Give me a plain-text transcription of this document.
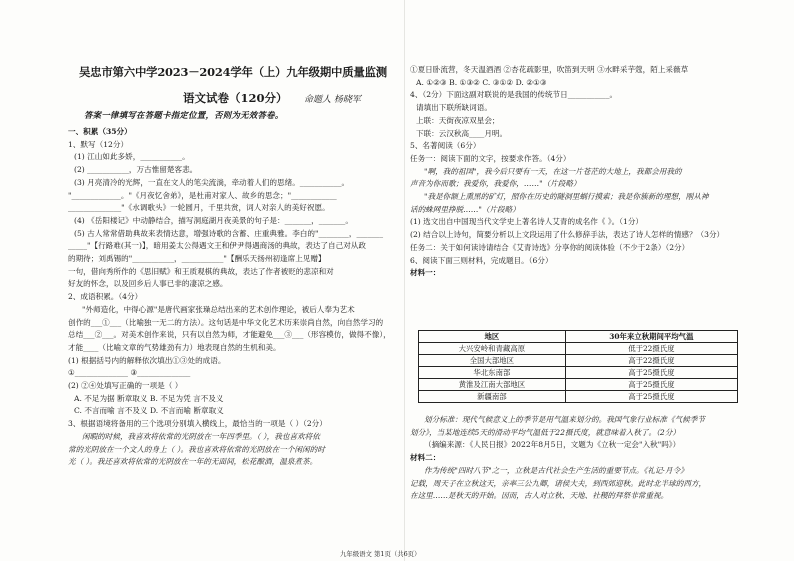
吴忠市第六中学2023－2024学年（上）九年级期中质量监测
语文试卷（120分） 命题人 杨晓军
答案一律填写在答题卡指定位置，否则为无效答卷。
一、积累（35分）
1、默写（12分）
(1) 江山如此多娇，___________。
(2) ___________，万古惟留楚客悲。
(3) 月亮清冷的光辉，一直在文人的笔尖流淌，牵动着人们的思绪。___________。
"_____________。"《月夜忆舍弟》，是杜甫对家人、故乡的思念；"____________
______________"《水调歌头》一轮圆月，千里共赏，词人对亲人的美好祝愿。
(4) 《岳阳楼记》中动静结合，描写洞庭湖月夜美景的句子是：_______，_______。
(5) 古人常常借助典故来表情达意，增强诗歌的含蓄、庄重典雅。李白的"________，_______
_____"【行路难(其一)】，暗用姜太公得遇文王和伊尹得遇商汤的典故，表达了自己对从政
的期待；刘禹锡的"___________，___________"【酬乐天扬州初逢席上见赠】
一句，借向秀所作的《思旧赋》和王质观棋的典故，表达了作者被贬的悲凉和对
好友的怀念，以及回乡后人事已非的凄凉之感。
2、成语积累。（4分）
"外师造化，中得心源"是唐代画家张璪总结出来的艺术创作理论，被后人奉为艺术
创作的___①___（比喻独一无二的方法）。这句话是中华文化艺术历来崇尚自然，向自然学习的
总结___②___。对美术创作来说，只有以自然为师，才能避免___③___（形容模仿，做得不像），
才能____（比喻文章的气势雄劲有力）地表现自然的生机和美。
(1) 根据括号内的解释依次填出①③处的成语。
①______________ ③______________
(2) ②④处填写正确的一项是（ ）
A. 不足为据 断章取义 B. 不足为凭 言不及义
C. 不言而喻 言不及义 D. 不言而喻 断章取义
3、根据语境将备用的三个选项分别填入横线上，最恰当的一项是（ ）（2分）
闲暇的时候，我喜欢将依常的光阴放在一年四季里。（ ），我也喜欢将依
常的光阴放在一个文人的身上（ ）。我也喜欢将依常的光阴放在一个闲闲的时
光（ ）。我还喜欢将依常的光阴放在一年的无面间，松花酿酒，温泉煮茶。
①夏日卧流营，冬天温酒酒 ②杏花疏影里，吹笛到天明 ③水畔采芋蔻，陌上采薇草
A. ①②③ B. ①③② C. ③①② D. ②①③
4、（2分）下面这副对联说的是我国的传统节日___________。
请填出下联所缺词语。
上联：天街夜凉双星会；
下联：云汉秋高____月明。
5、名著阅读（6分）
任务一：阅读下面的文字，按要求作答。（4分）
"啊，我的祖国"，我今后只要有一天，在这一片苍茫的大地上，我都会用我的
声音为你而歌；我爱你，我爱你，……"（片段略）
"我是你额上熏黑的矿灯，照你在历史的隧洞里蜗行摸索；我是你簇新的理想，刚从神
话的蛛网里挣脱……"（片段略）
(1) 选文出自中国现当代文学史上著名诗人艾青的成名作《 》。（1分）
(2) 结合以上诗句，简要分析以上文段运用了什么修辞手法，表达了诗人怎样的情感？（3分）
任务二：关于如何读诗请结合《艾青诗选》分享你的阅读体验（不少于2条）（2分）
6、阅读下面三则材料，完成题目。（6分）
材料一：
地区	30年来立秋期间平均气温
大兴安岭和青藏高原	低于22摄氏度
全国大部地区	高于22摄氏度
华北东南部	高于25摄氏度
黄淮及江南大部地区	高于25摄氏度
新疆南部	高于25摄氏度
划分标准：现代气候意义上的季节是用气温来划分的。我国气象行业标准《气候季节
划分》，当某地连续5天的滑动平均气温低于22摄氏度，就意味着入秋了。（2分）
（摘编来源：《人民日报》2022年8月5日，文题为《立秋一定会"入秋"吗》）
材料二：
作为传统"四时八节"之一，立秋是古代社会生产生活的重要节点。《礼记·月令》
记载，周天子在立秋这天，亲率三公九卿，诸侯大夫，到西郊迎秋。此时北半球的西方，
在这里……是秋天的开始。因而，古人对立秋、天地、社稷的拜祭非常重视。
九年级语文 第1页（共6页）
